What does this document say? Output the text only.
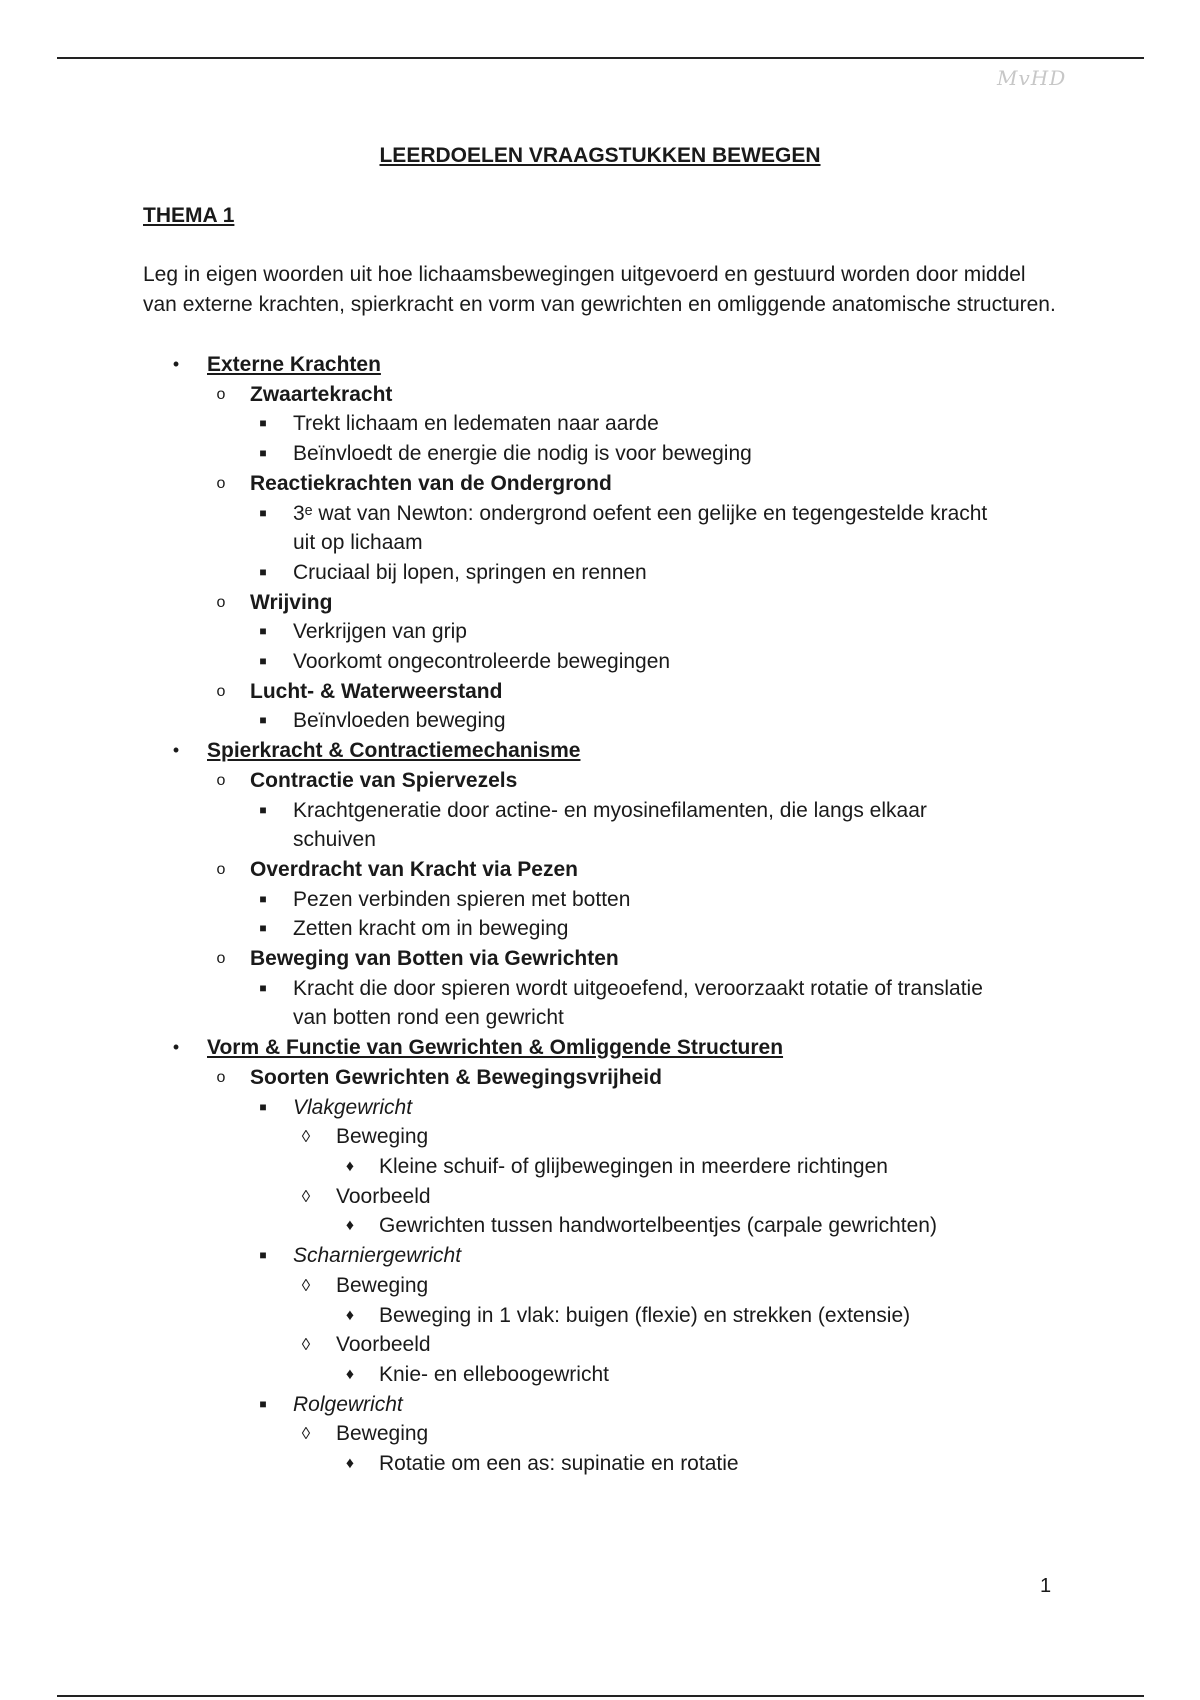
MvHD
LEERDOELEN VRAAGSTUKKEN BEWEGEN
THEMA 1

Leg in eigen woorden uit hoe lichaamsbewegingen uitgevoerd en gestuurd worden door middel van externe krachten, spierkracht en vorm van gewrichten en omliggende anatomische structuren.

•	Externe Krachten
o	Zwaartekracht
■	Trekt lichaam en ledematen naar aarde
■	Beïnvloedt de energie die nodig is voor beweging
o	Reactiekrachten van de Ondergrond
■	3ᵉ wat van Newton: ondergrond oefent een gelijke en tegengestelde kracht uit op lichaam
■	Cruciaal bij lopen, springen en rennen
o	Wrijving
■	Verkrijgen van grip
■	Voorkomt ongecontroleerde bewegingen
o	Lucht- & Waterweerstand
■	Beïnvloeden beweging
•	Spierkracht & Contractiemechanisme
o	Contractie van Spiervezels
■	Krachtgeneratie door actine- en myosinefilamenten, die langs elkaar schuiven
o	Overdracht van Kracht via Pezen
■	Pezen verbinden spieren met botten
■	Zetten kracht om in beweging
o	Beweging van Botten via Gewrichten
■	Kracht die door spieren wordt uitgeoefend, veroorzaakt rotatie of translatie van botten rond een gewricht
•	Vorm & Functie van Gewrichten & Omliggende Structuren
o	Soorten Gewrichten & Bewegingsvrijheid
■	Vlakgewricht
◊	Beweging
♦	Kleine schuif- of glijbewegingen in meerdere richtingen
◊	Voorbeeld
♦	Gewrichten tussen handwortelbeentjes (carpale gewrichten)
■	Scharniergewricht
◊	Beweging
♦	Beweging in 1 vlak: buigen (flexie) en strekken (extensie)
◊	Voorbeeld
♦	Knie- en elleboogewricht
■	Rolgewricht
◊	Beweging
♦	Rotatie om een as: supinatie en rotatie
1
